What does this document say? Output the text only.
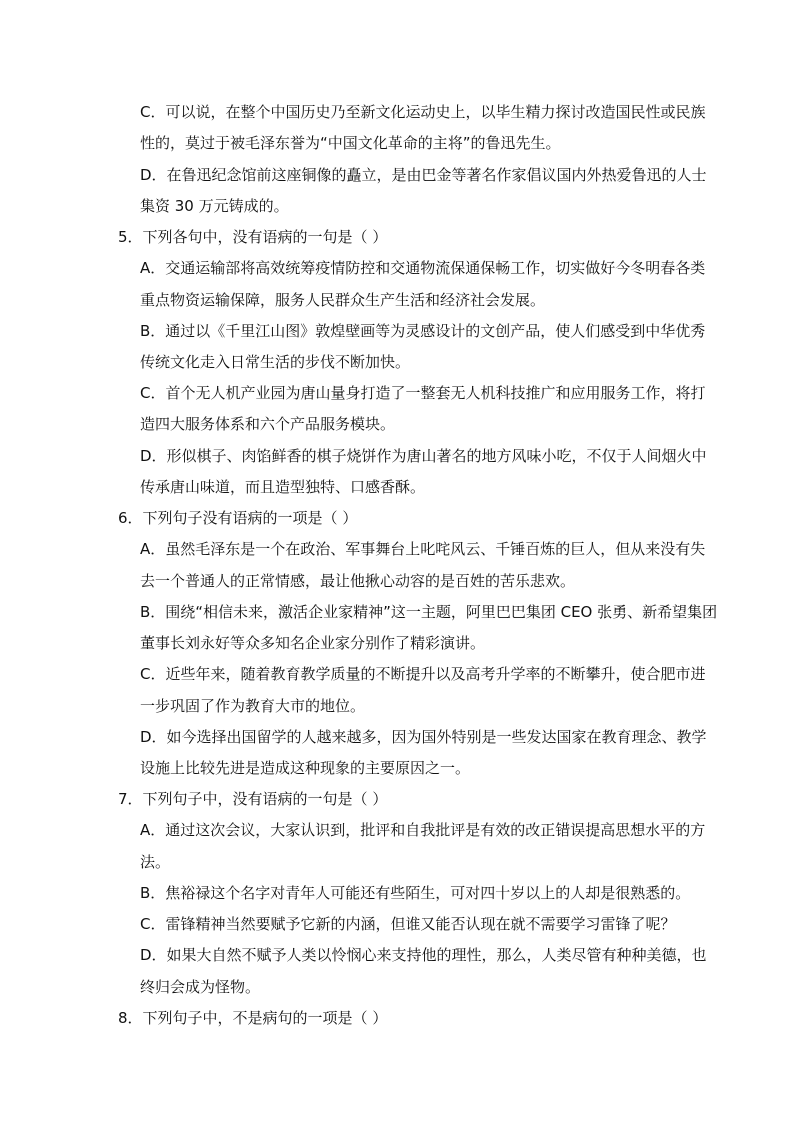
C．可以说，在整个中国历史乃至新文化运动史上，以毕生精力探讨改造国民性或民族
性的，莫过于被毛泽东誉为“中国文化革命的主将”的鲁迅先生。
D．在鲁迅纪念馆前这座铜像的矗立，是由巴金等著名作家倡议国内外热爱鲁迅的人士
集资 30 万元铸成的。
5．下列各句中，没有语病的一句是（ ）
A．交通运输部将高效统筹疫情防控和交通物流保通保畅工作，切实做好今冬明春各类
重点物资运输保障，服务人民群众生产生活和经济社会发展。
B．通过以《千里江山图》敦煌壁画等为灵感设计的文创产品，使人们感受到中华优秀
传统文化走入日常生活的步伐不断加快。
C．首个无人机产业园为唐山量身打造了一整套无人机科技推广和应用服务工作，将打
造四大服务体系和六个产品服务模块。
D．形似棋子、肉馅鲜香的棋子烧饼作为唐山著名的地方风味小吃，不仅于人间烟火中
传承唐山味道，而且造型独特、口感香酥。
6．下列句子没有语病的一项是（ ）
A．虽然毛泽东是一个在政治、军事舞台上叱咤风云、千锤百炼的巨人，但从来没有失
去一个普通人的正常情感，最让他揪心动容的是百姓的苦乐悲欢。
B．围绕“相信未来，激活企业家精神”这一主题，阿里巴巴集团 CEO 张勇、新希望集团
董事长刘永好等众多知名企业家分别作了精彩演讲。
C．近些年来，随着教育教学质量的不断提升以及高考升学率的不断攀升，使合肥市进
一步巩固了作为教育大市的地位。
D．如今选择出国留学的人越来越多，因为国外特别是一些发达国家在教育理念、教学
设施上比较先进是造成这种现象的主要原因之一。
7．下列句子中，没有语病的一句是（ ）
A．通过这次会议，大家认识到，批评和自我批评是有效的改正错误提高思想水平的方
法。
B．焦裕禄这个名字对青年人可能还有些陌生，可对四十岁以上的人却是很熟悉的。
C．雷锋精神当然要赋予它新的内涵，但谁又能否认现在就不需要学习雷锋了呢？
D．如果大自然不赋予人类以怜悯心来支持他的理性，那么，人类尽管有种种美德，也
终归会成为怪物。
8．下列句子中，不是病句的一项是（ ）
